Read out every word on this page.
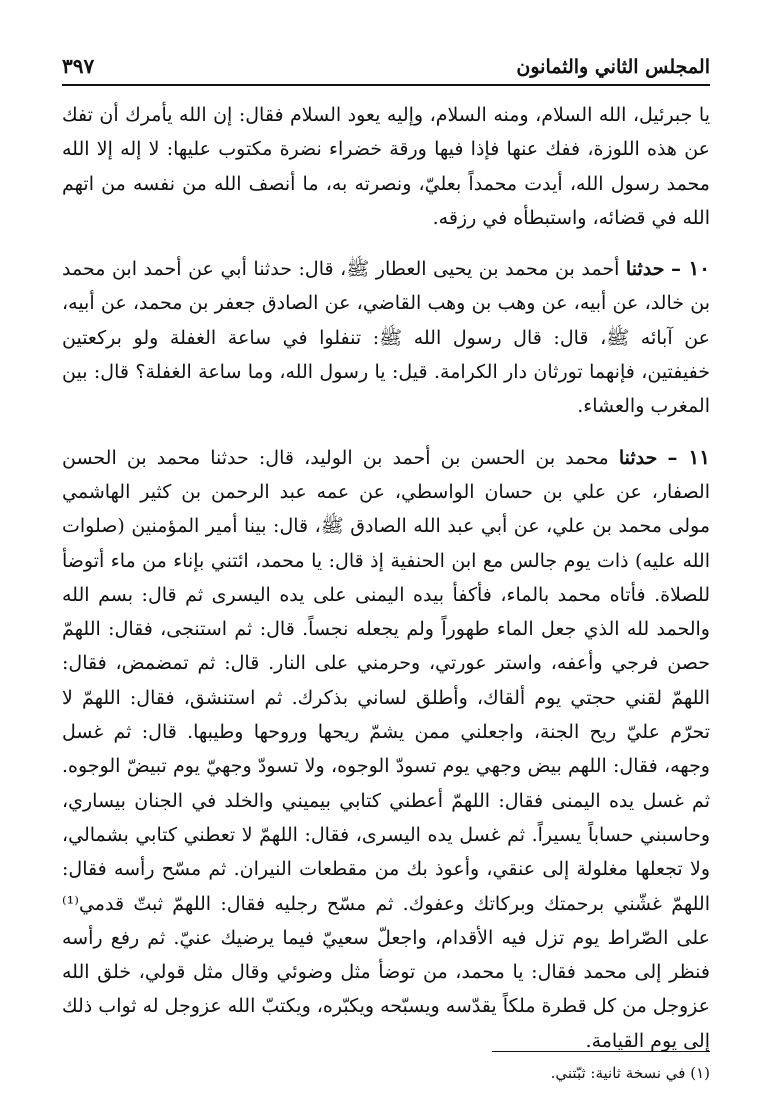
المجلس الثاني والثمانون
٣٩٧

يا جبرئيل، الله السلام، ومنه السلام، وإليه يعود السلام فقال: إن الله يأمرك أن تفك عن هذه اللوزة، ففك عنها فإذا فيها ورقة خضراء نضرة مكتوب عليها: لا إله إلا الله محمد رسول الله، أيدت محمداً بعليّ، ونصرته به، ما أنصف الله من نفسه من اتهم الله في قضائه، واستبطأه في رزقه.

١٠ – حدثنا أحمد بن محمد بن يحيى العطار ﷺ، قال: حدثنا أبي عن أحمد ابن محمد بن خالد، عن أبيه، عن وهب بن وهب القاضي، عن الصادق جعفر بن محمد، عن أبيه، عن آبائه ﷺ، قال: قال رسول الله ﷺ: تنفلوا في ساعة الغفلة ولو بركعتين خفيفتين، فإنهما تورثان دار الكرامة. قيل: يا رسول الله، وما ساعة الغفلة؟ قال: بين المغرب والعشاء.

١١ – حدثنا محمد بن الحسن بن أحمد بن الوليد، قال: حدثنا محمد بن الحسن الصفار، عن علي بن حسان الواسطي، عن عمه عبد الرحمن بن كثير الهاشمي مولى محمد بن علي، عن أبي عبد الله الصادق ﷺ، قال: بينا أمير المؤمنين (صلوات الله عليه) ذات يوم جالس مع ابن الحنفية إذ قال: يا محمد، ائتني بإناء من ماء أتوضأ للصلاة. فأتاه محمد بالماء، فأكفأ بيده اليمنى على يده اليسرى ثم قال: بسم الله والحمد لله الذي جعل الماء طهوراً ولم يجعله نجساً. قال: ثم استنجى، فقال: اللهمّ حصن فرجي وأعفه، واستر عورتي، وحرمني على النار. قال: ثم تمضمض، فقال: اللهمّ لقني حجتي يوم ألقاك، وأطلق لساني بذكرك. ثم استنشق، فقال: اللهمّ لا تحرّم عليّ ريح الجنة، واجعلني ممن يشمّ ريحها وروحها وطيبها. قال: ثم غسل وجهه، فقال: اللهم بيض وجهي يوم تسودّ الوجوه، ولا تسودّ وجهيّ يوم تبيضّ الوجوه. ثم غسل يده اليمنى فقال: اللهمّ أعطني كتابي بيميني والخلد في الجنان بيساري، وحاسبني حساباً يسيراً. ثم غسل يده اليسرى، فقال: اللهمّ لا تعطني كتابي بشمالي، ولا تجعلها مغلولة إلى عنقي، وأعوذ بك من مقطعات النيران. ثم مسّح رأسه فقال: اللهمّ غشّني برحمتك وبركاتك وعفوك. ثم مسّح رجليه فقال: اللهمّ ثبتّ قدمي⁽¹⁾ على الصّراط يوم تزل فيه الأقدام، واجعلّ سعييّ فيما يرضيك عنيّ. ثم رفع رأسه فنظر إلى محمد فقال: يا محمد، من توضأ مثل وضوئي وقال مثل قولي، خلق الله عزوجل من كل قطرة ملكاً يقدّسه ويسبّحه ويكبّره، ويكتبّ الله عزوجل له ثواب ذلك إلى يوم القيامة.

(١) في نسخة ثانية: ثبّتني.
